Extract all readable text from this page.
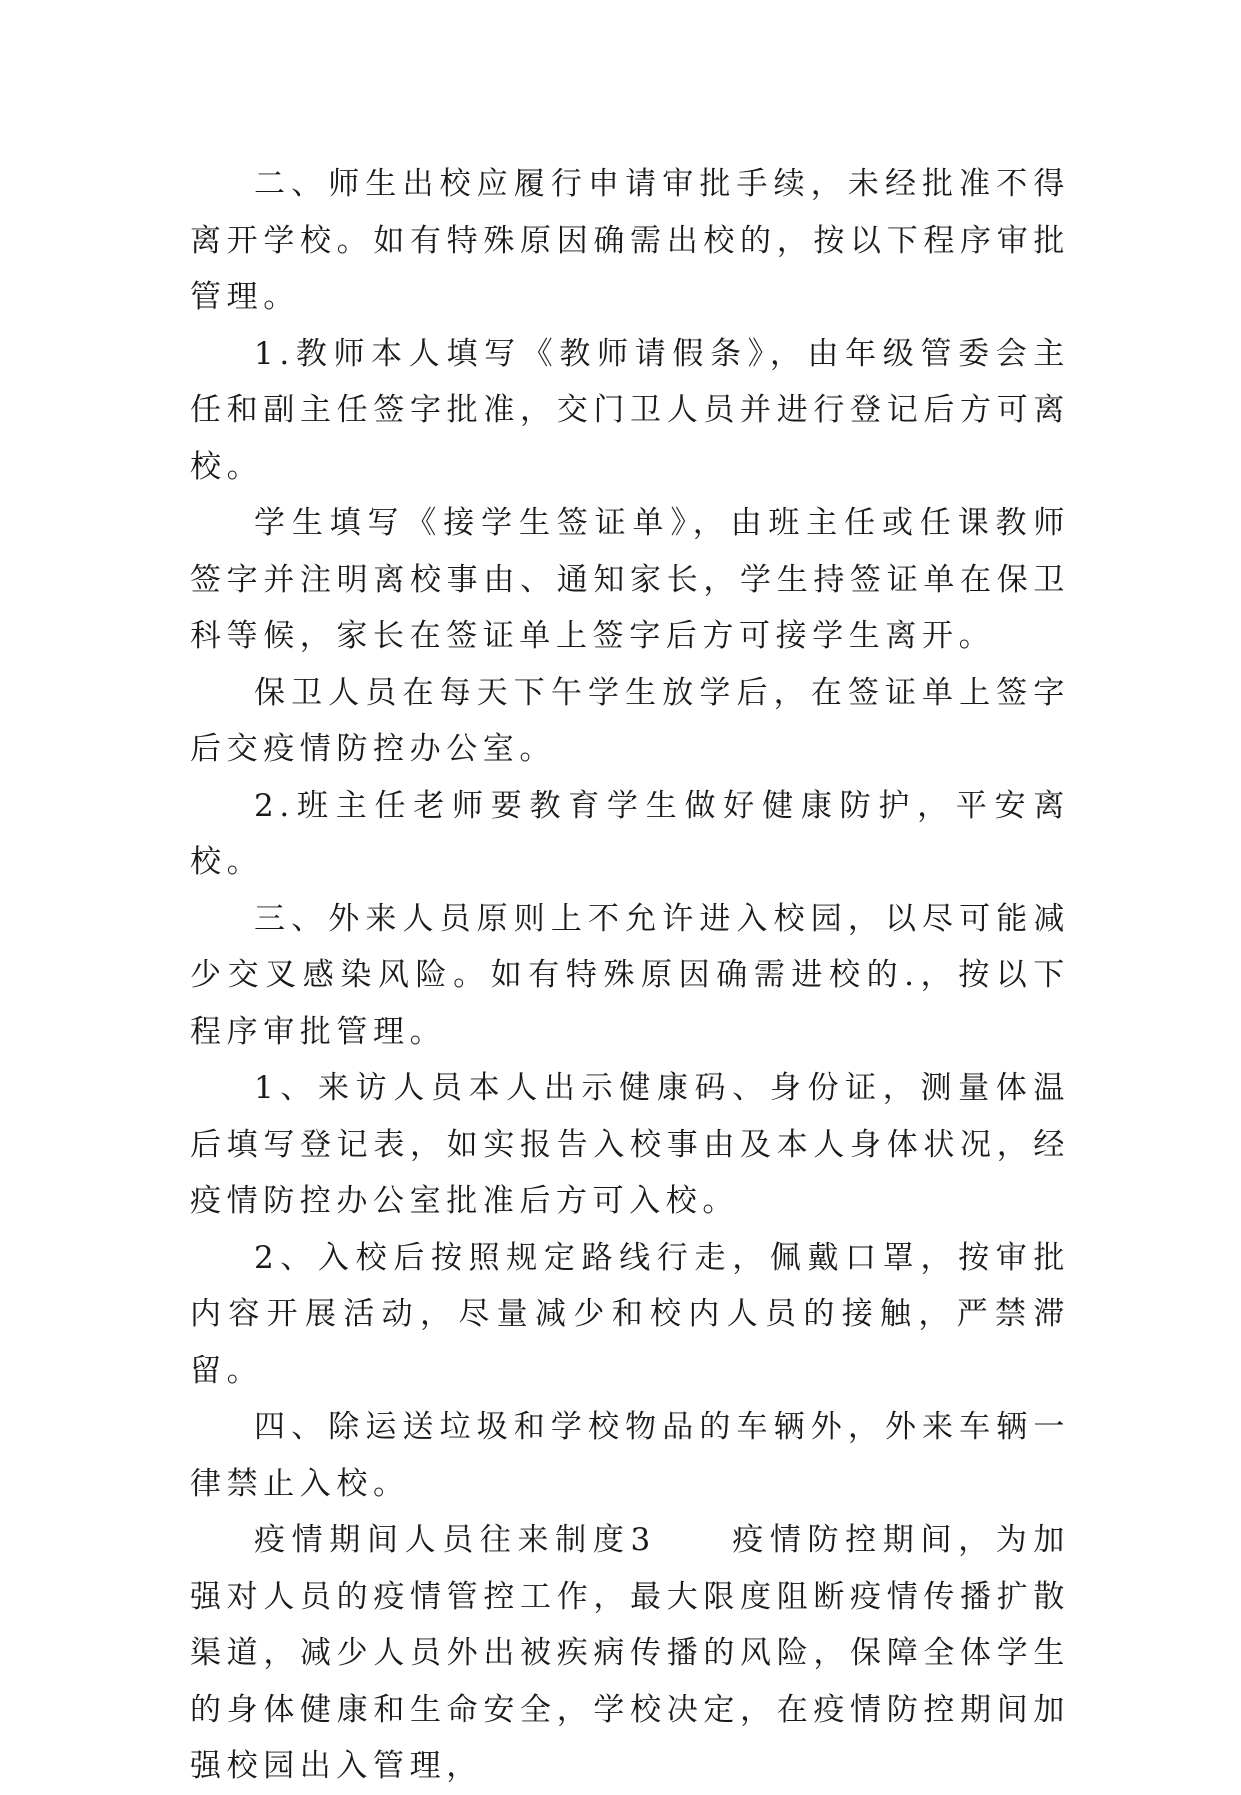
二、师生出校应履行申请审批手续，未经批准不得离开学校。如有特殊原因确需出校的，按以下程序审批管理。

1.教师本人填写《教师请假条》，由年级管委会主任和副主任签字批准，交门卫人员并进行登记后方可离校。

学生填写《接学生签证单》，由班主任或任课教师签字并注明离校事由、通知家长，学生持签证单在保卫科等候，家长在签证单上签字后方可接学生离开。

保卫人员在每天下午学生放学后，在签证单上签字后交疫情防控办公室。

2.班主任老师要教育学生做好健康防护，平安离校。

三、外来人员原则上不允许进入校园，以尽可能减少交叉感染风险。如有特殊原因确需进校的.，按以下程序审批管理。

1、来访人员本人出示健康码、身份证，测量体温后填写登记表，如实报告入校事由及本人身体状况，经疫情防控办公室批准后方可入校。

2、入校后按照规定路线行走，佩戴口罩，按审批内容开展活动，尽量减少和校内人员的接触，严禁滞留。

四、除运送垃圾和学校物品的车辆外，外来车辆一律禁止入校。

疫情期间人员往来制度3　　疫情防控期间，为加强对人员的疫情管控工作，最大限度阻断疫情传播扩散渠道，减少人员外出被疾病传播的风险，保障全体学生的身体健康和生命安全，学校决定，在疫情防控期间加强校园出入管理，
